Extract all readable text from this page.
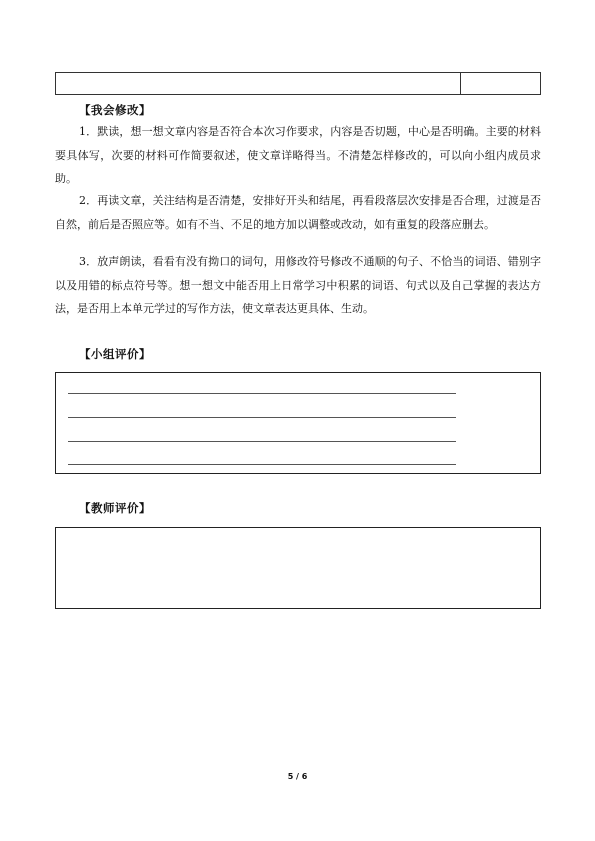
【我会修改】
1．默读，想一想文章内容是否符合本次习作要求，内容是否切题，中心是否明确。主要的材料要具体写，次要的材料可作简要叙述，使文章详略得当。不清楚怎样修改的，可以向小组内成员求助。
2．再读文章，关注结构是否清楚，安排好开头和结尾，再看段落层次安排是否合理，过渡是否自然，前后是否照应等。如有不当、不足的地方加以调整或改动，如有重复的段落应删去。
3．放声朗读，看看有没有拗口的词句，用修改符号修改不通顺的句子、不恰当的词语、错别字以及用错的标点符号等。想一想文中能否用上日常学习中积累的词语、句式以及自己掌握的表达方法，是否用上本单元学过的写作方法，使文章表达更具体、生动。
【小组评价】
【教师评价】
5 / 6
